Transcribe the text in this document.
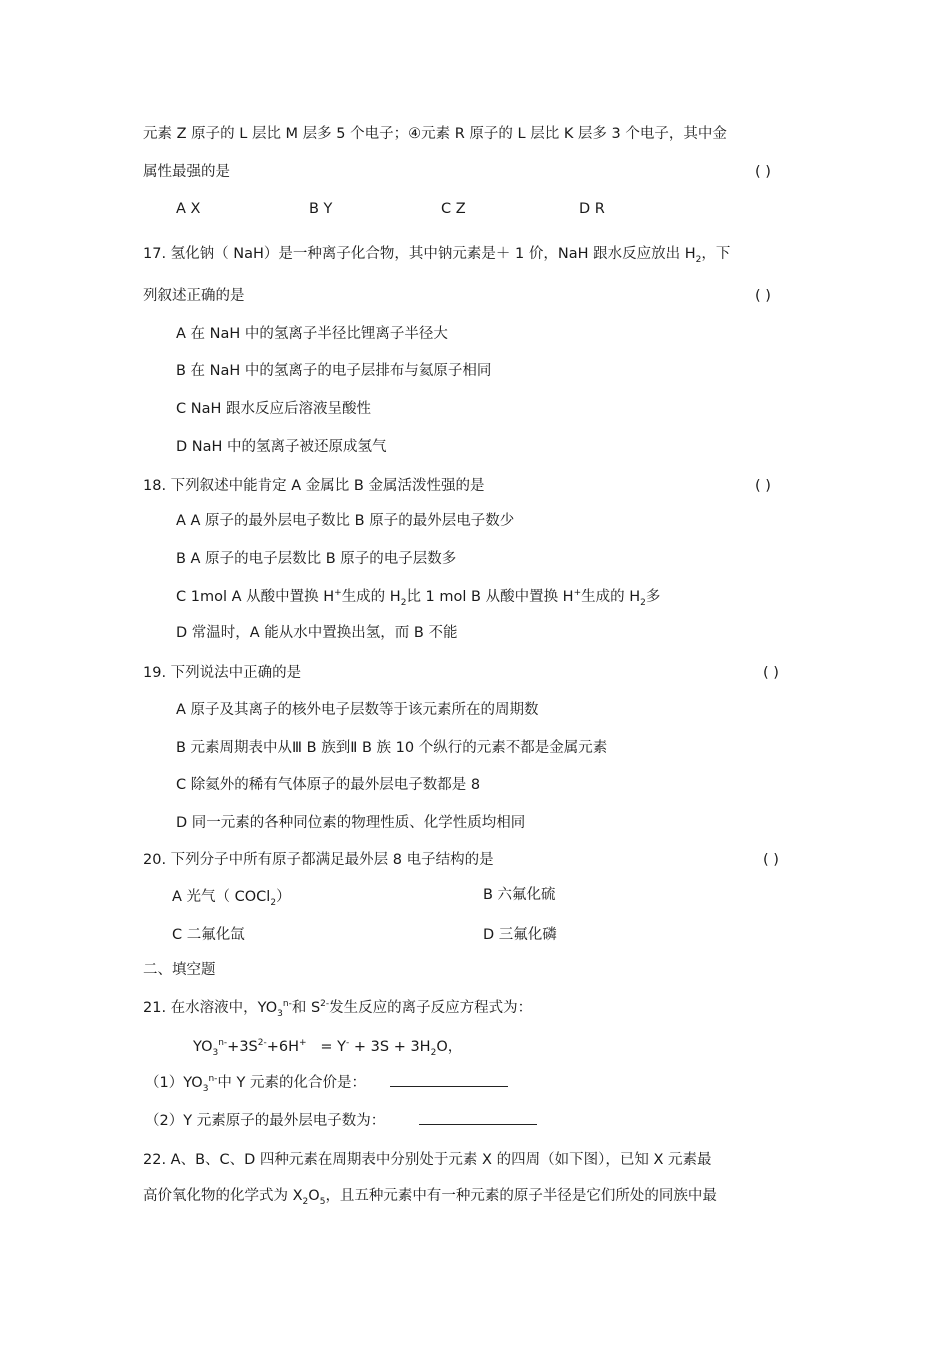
元素 Z 原子的 L 层比 M 层多 5 个电子；④元素 R 原子的 L 层比 K 层多 3 个电子，其中金
属性最强的是	( )
A X	B Y	C Z	D R
17. 氢化钠（ NaH）是一种离子化合物，其中钠元素是＋ 1 价，NaH 跟水反应放出 $H_2$，下
列叙述正确的是	( )
A 在 NaH 中的氢离子半径比锂离子半径大
B 在 NaH 中的氢离子的电子层排布与氦原子相同
C NaH 跟水反应后溶液呈酸性
D NaH 中的氢离子被还原成氢气
18. 下列叙述中能肯定 A 金属比 B 金属活泼性强的是	( )
A A 原子的最外层电子数比 B 原子的最外层电子数少
B A 原子的电子层数比 B 原子的电子层数多
C 1mol A 从酸中置换 H+生成的 $H_2$比 1 mol B 从酸中置换 H+生成的 $H_2$多
D 常温时，A 能从水中置换出氢，而 B 不能
19. 下列说法中正确的是	( )
A 原子及其离子的核外电子层数等于该元素所在的周期数
B 元素周期表中从Ⅲ B 族到Ⅱ B 族 10 个纵行的元素不都是金属元素
C 除氦外的稀有气体原子的最外层电子数都是 8
D 同一元素的各种同位素的物理性质、化学性质均相同
20. 下列分子中所有原子都满足最外层 8 电子结构的是	( )
A 光气（ COCl$_2$）	B 六氟化硫
C 二氟化氙	D 三氟化磷
二、填空题
21. 在水溶液中，$YO_3^{n-}$和 $S^{2-}$发生反应的离子反应方程式为：
$YO_3^{n-}+3S^{2-}+6H^+ = Y^- + 3S + 3H_2O$，
$(1)YO_3^{n-}$中 Y 元素的化合价是：
（2）Y 元素原子的最外层电子数为：
22. A、B、C、D 四种元素在周期表中分别处于元素 X 的四周（如下图），已知 X 元素最
高价氧化物的化学式为 $X_2O_5$，且五种元素中有一种元素的原子半径是它们所处的同族中最
